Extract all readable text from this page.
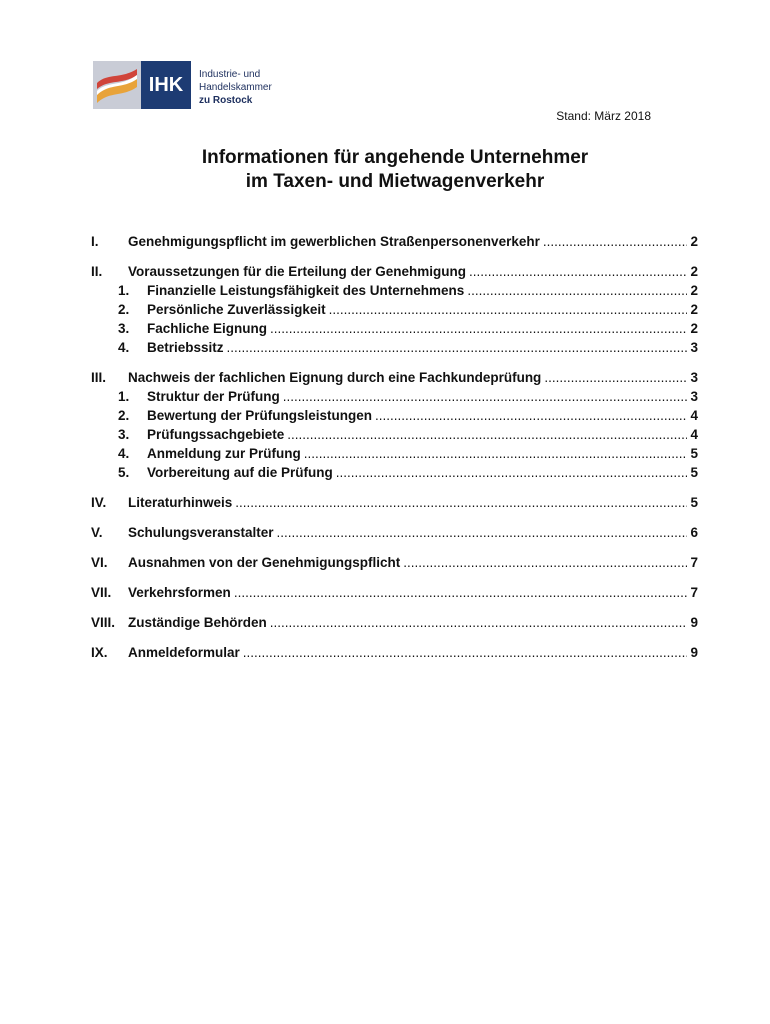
IHK	Industrie- und Handelskammer
zu Rostock
Stand: März 2018
Informationen für angehende Unternehmer
im Taxen- und Mietwagenverkehr
I.	Genehmigungspflicht im gewerblichen Straßenpersonenverkehr .....	2
II.	Voraussetzungen für die Erteilung der Genehmigung .....	2
1.	Finanzielle Leistungsfähigkeit des Unternehmens .....	2
2.	Persönliche Zuverlässigkeit .....	2
3.	Fachliche Eignung .....	2
4.	Betriebssitz .....	3
III.	Nachweis der fachlichen Eignung durch eine Fachkundeprüfung .....	3
1.	Struktur der Prüfung .....	3
2.	Bewertung der Prüfungsleistungen .....	4
3.	Prüfungssachgebiete .....	4
4.	Anmeldung zur Prüfung .....	5
5.	Vorbereitung auf die Prüfung .....	5
IV.	Literaturhinweis .....	5
V.	Schulungsveranstalter .....	6
VI.	Ausnahmen von der Genehmigungspflicht .....	7
VII.	Verkehrsformen .....	7
VIII. Zuständige Behörden .....	9
IX.	Anmeldeformular .....	9
